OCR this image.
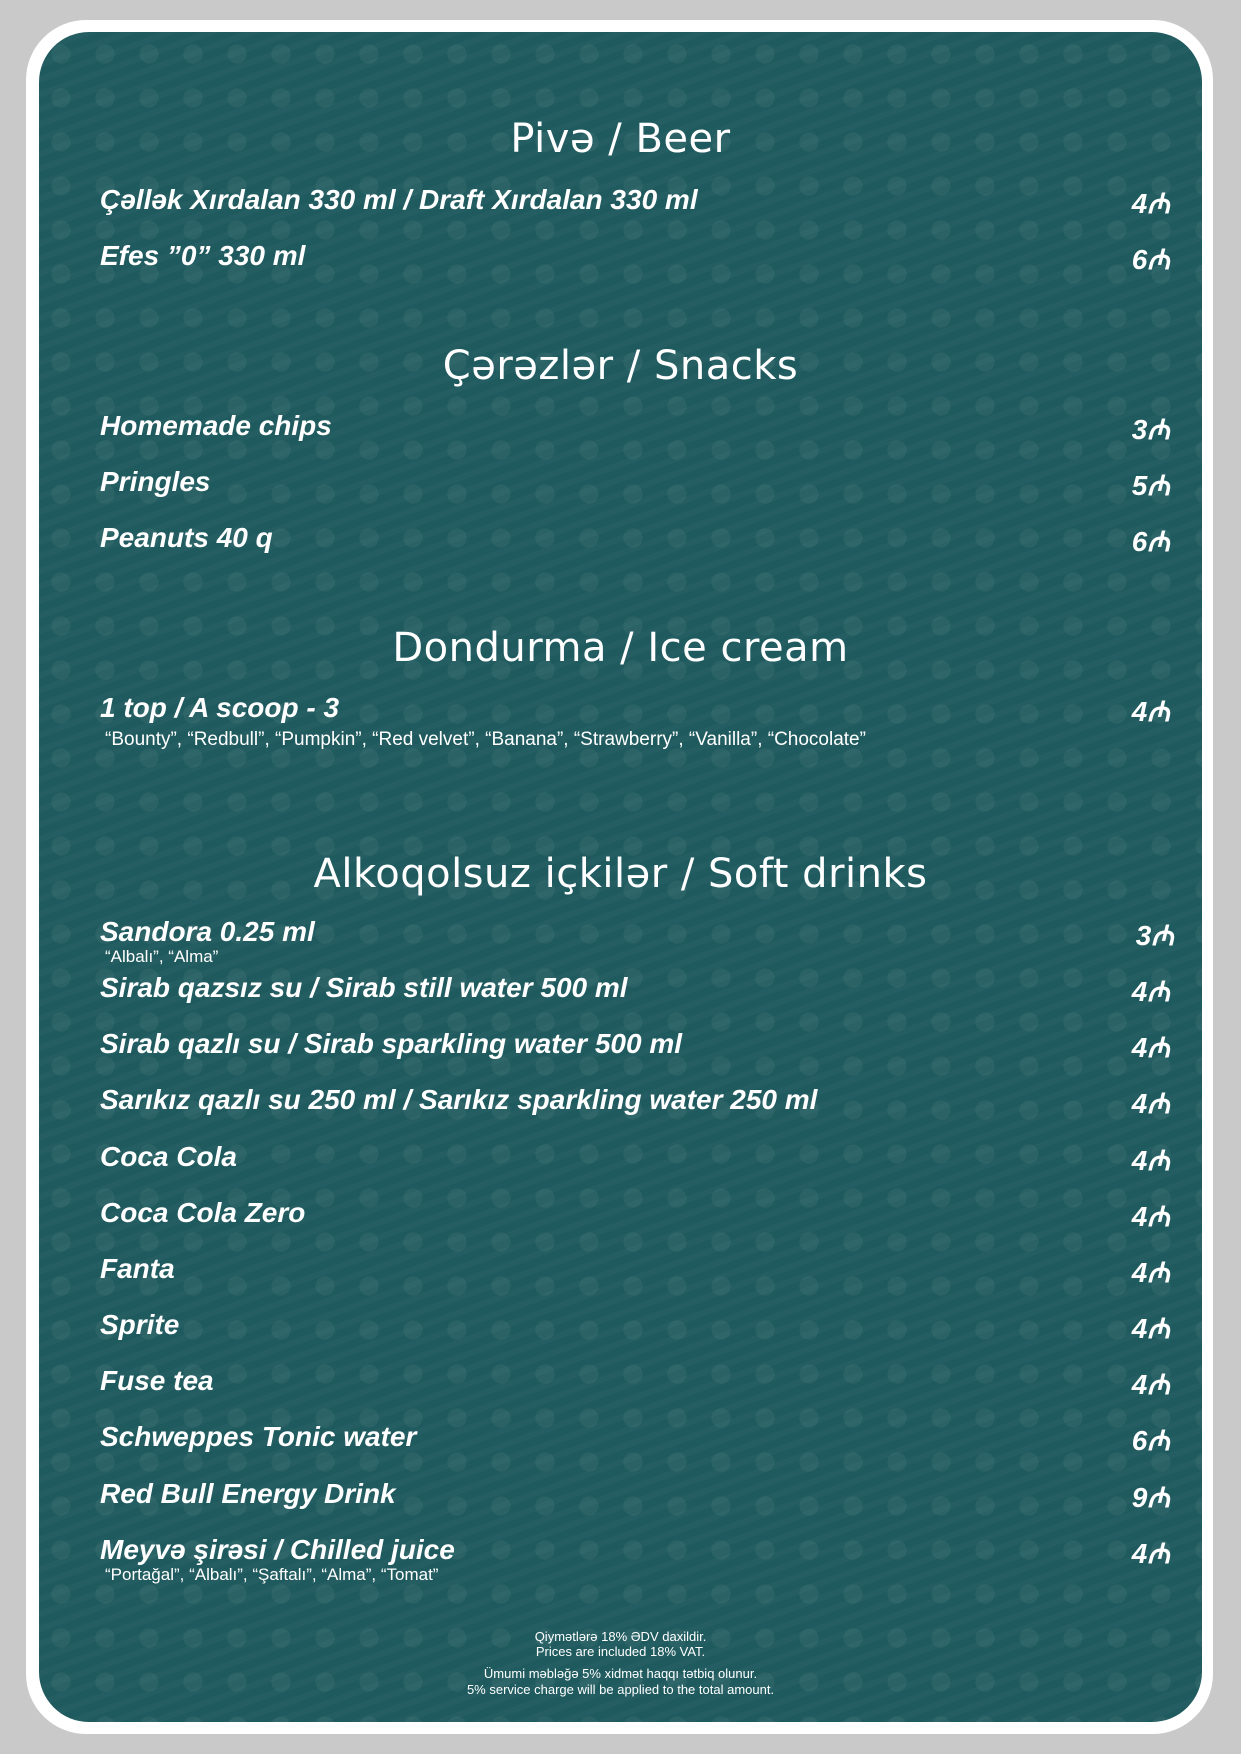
Pivə / Beer
Çəllək Xırdalan 330 ml / Draft Xırdalan 330 ml	4₼
Efes ”0” 330 ml	6₼
Çərəzlər / Snacks
Homemade chips	3₼
Pringles	5₼
Peanuts 40 q	6₼
Dondurma / Ice cream
1 top / A scoop - 3	4₼
“Bounty”, “Redbull”, “Pumpkin”, “Red velvet”, “Banana”, “Strawberry”, “Vanilla”, “Chocolate”
Alkoqolsuz içkilər / Soft drinks
Sandora 0.25 ml	3₼
“Albalı”, “Alma”
Sirab qazsız su / Sirab still water 500 ml	4₼
Sirab qazlı su / Sirab sparkling water 500 ml	4₼
Sarıkız qazlı su 250 ml / Sarıkız sparkling water 250 ml	4₼
Coca Cola	4₼
Coca Cola Zero	4₼
Fanta	4₼
Sprite	4₼
Fuse tea	4₼
Schweppes Tonic water	6₼
Red Bull Energy Drink	9₼
Meyvə şirəsi / Chilled juice	4₼
“Portağal”, “Albalı”, “Şaftalı”, “Alma”, “Tomat”
Qiymətlərə 18% ƏDV daxildir.
Prices are included 18% VAT.
Ümumi məbləğə 5% xidmət haqqı tətbiq olunur.
5% service charge will be applied to the total amount.
